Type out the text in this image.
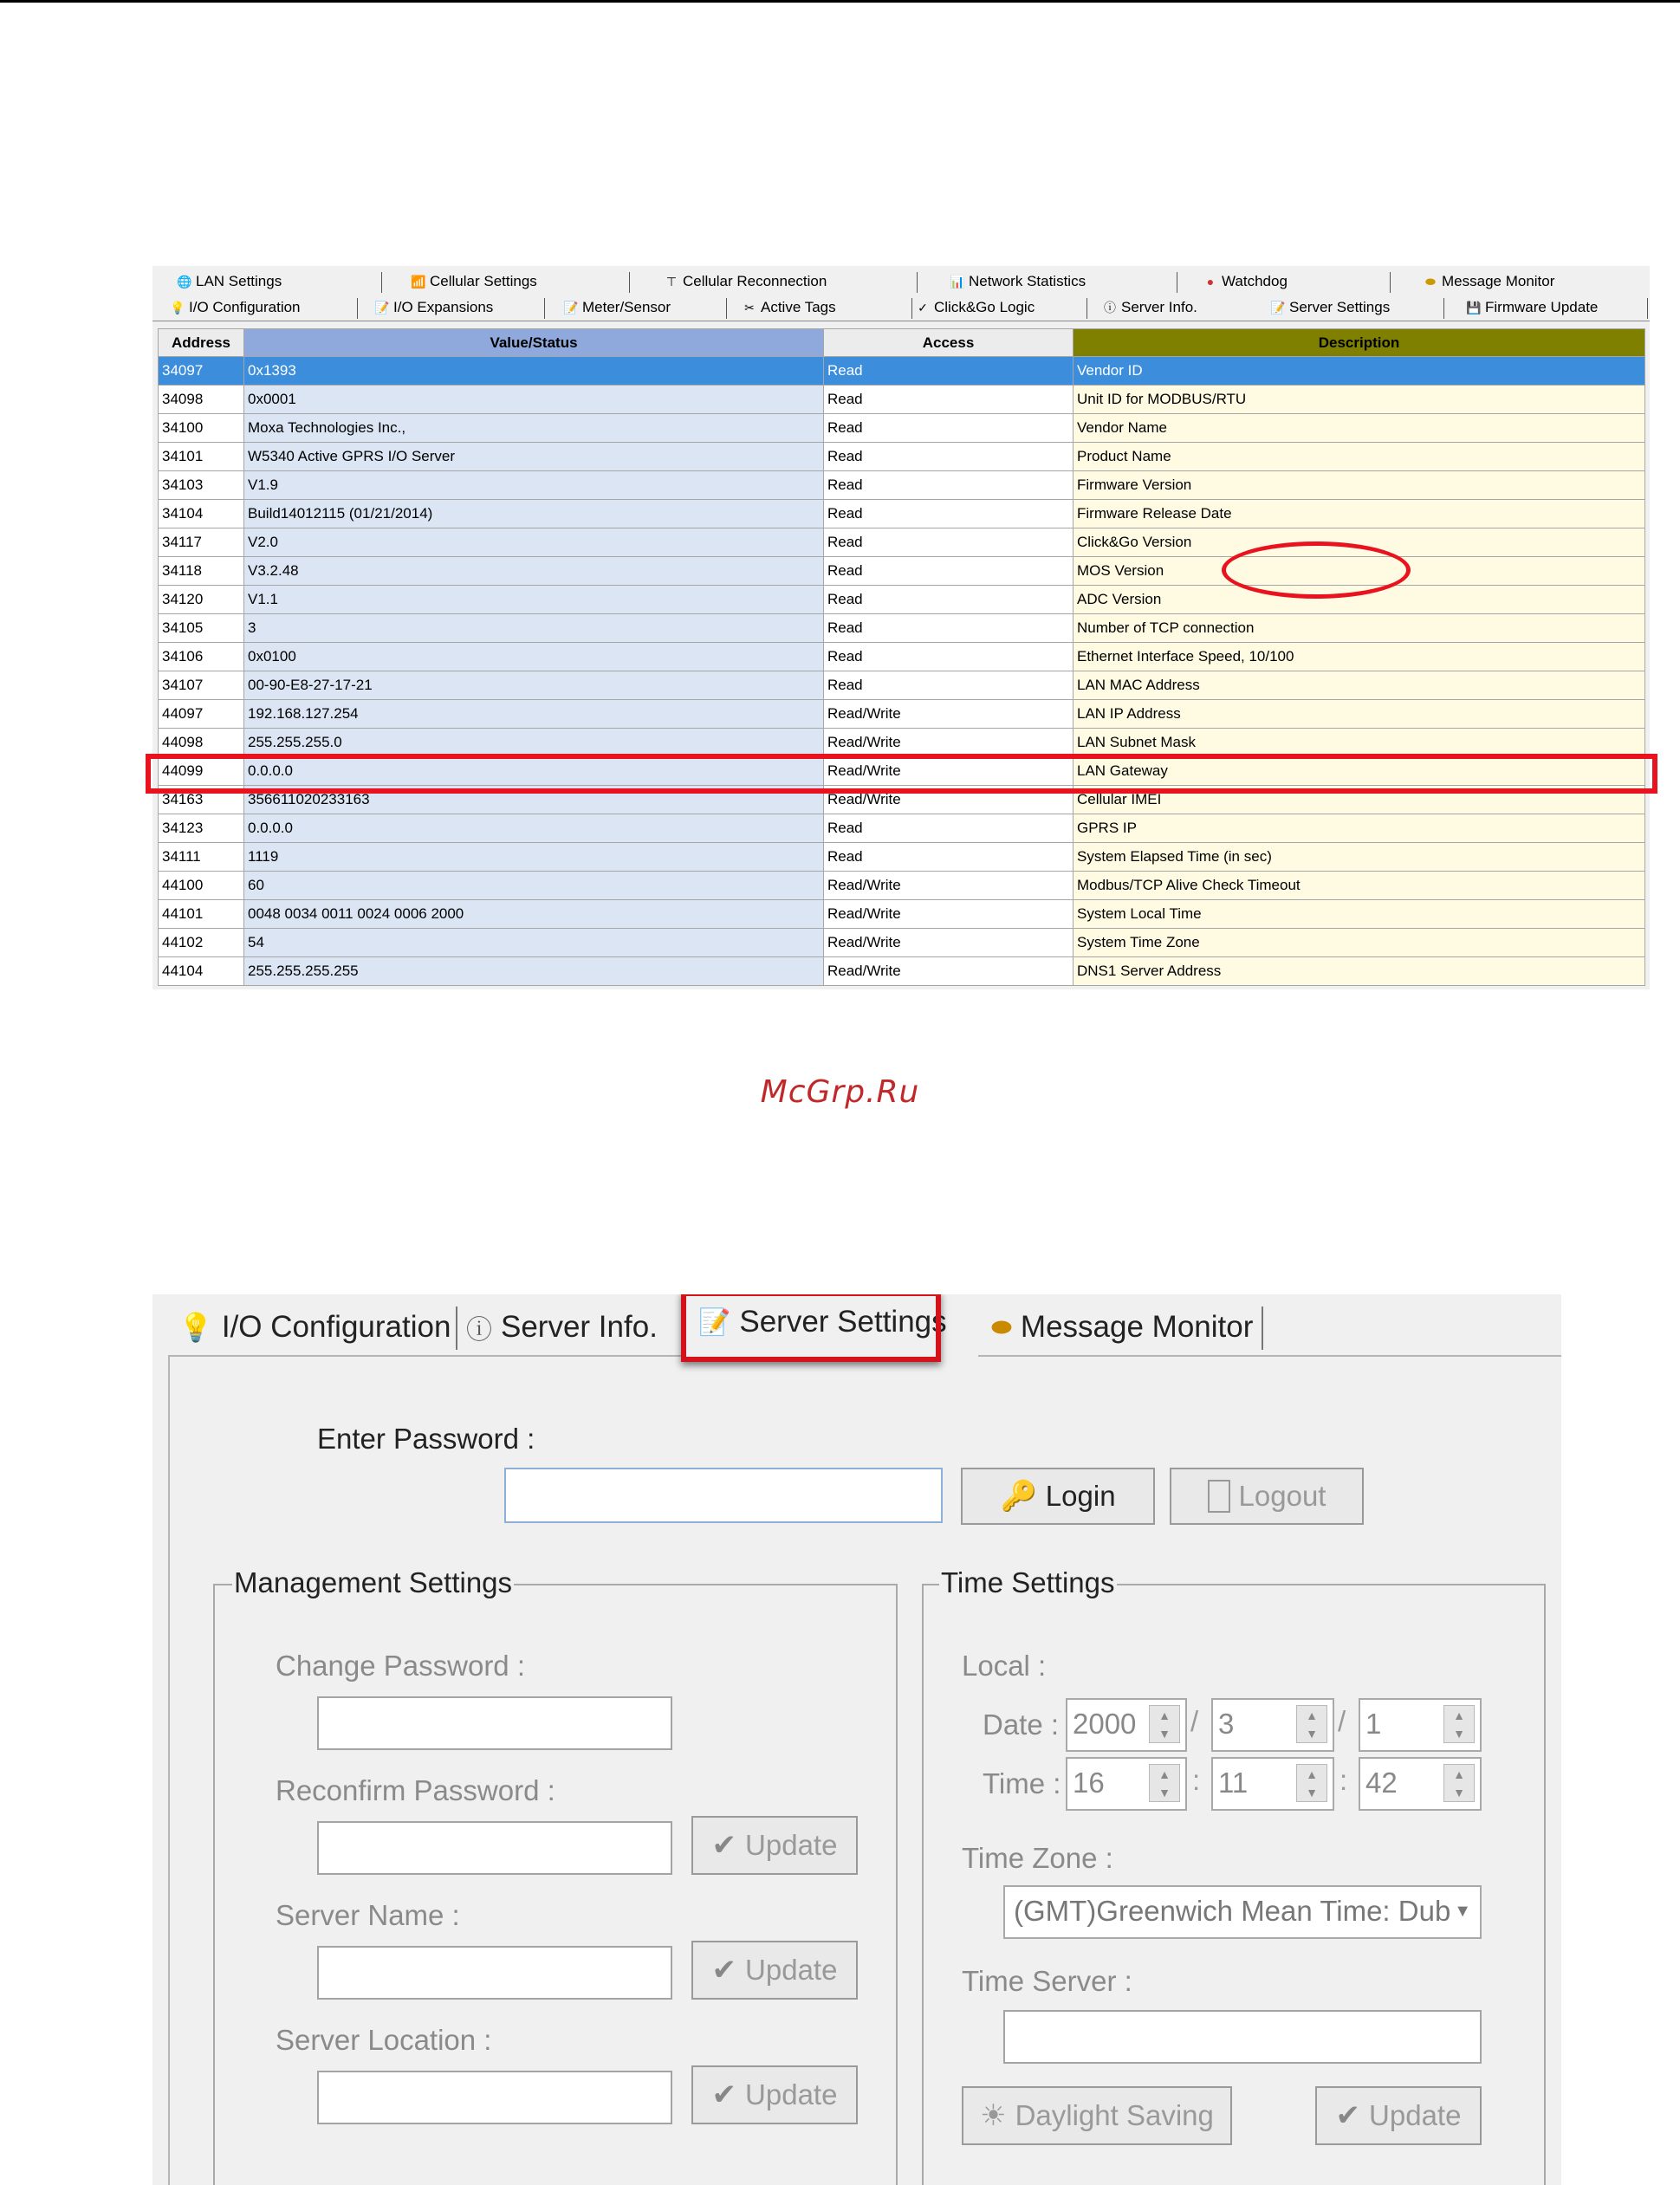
🌐 LAN Settings	📶 Cellular Settings	⊤ Cellular Reconnection	📊 Network Statistics	● Watchdog	⬬ Message Monitor
💡 I/O Configuration	📝 I/O Expansions	📝 Meter/Sensor	✂ Active Tags	✓ Click&Go Logic	ⓘ Server Info.	📝 Server Settings	💾 Firmware Update
Address	Value/Status	Access	Description
34097	0x1393	Read	Vendor ID
34098	0x0001	Read	Unit ID for MODBUS/RTU
34100	Moxa Technologies Inc.,	Read	Vendor Name
34101	W5340 Active GPRS I/O Server	Read	Product Name
34103	V1.9	Read	Firmware Version
34104	Build14012115 (01/21/2014)	Read	Firmware Release Date
34117	V2.0	Read	Click&Go Version
34118	V3.2.48	Read	MOS Version
34120	V1.1	Read	ADC Version
34105	3	Read	Number of TCP connection
34106	0x0100	Read	Ethernet Interface Speed, 10/100
34107	00-90-E8-27-17-21	Read	LAN MAC Address
44097	192.168.127.254	Read/Write	LAN IP Address
44098	255.255.255.0	Read/Write	LAN Subnet Mask
44099	0.0.0.0	Read/Write	LAN Gateway
34163	356611020233163	Read/Write	Cellular IMEI
34123	0.0.0.0	Read	GPRS IP
34111	1119	Read	System Elapsed Time (in sec)
44100	60	Read/Write	Modbus/TCP Alive Check Timeout
44101	0048 0034 0011 0024 0006 2000	Read/Write	System Local Time
44102	54	Read/Write	System Time Zone
44104	255.255.255.255	Read/Write	DNS1 Server Address
McGrp.Ru
💡 I/O Configuration ⓘ Server Info. 📝 Server Settings ⬬ Message Monitor
Enter Password :
🔑 Login	Logout
Management Settings
Change Password :
Reconfirm Password :
✔ Update
Server Name :
✔ Update
Server Location :
✔ Update
Time Settings
Local :
Date : 2000 ▲
▼ / 3	▲
▼ / 1	▲
▼
Time : 16	▲
▼ : 11	▲
▼ : 42	▲
▼
Time Zone :
(GMT)Greenwich Mean Time: Dub ▼
Time Server :
☀ Daylight Saving	✔ Update
